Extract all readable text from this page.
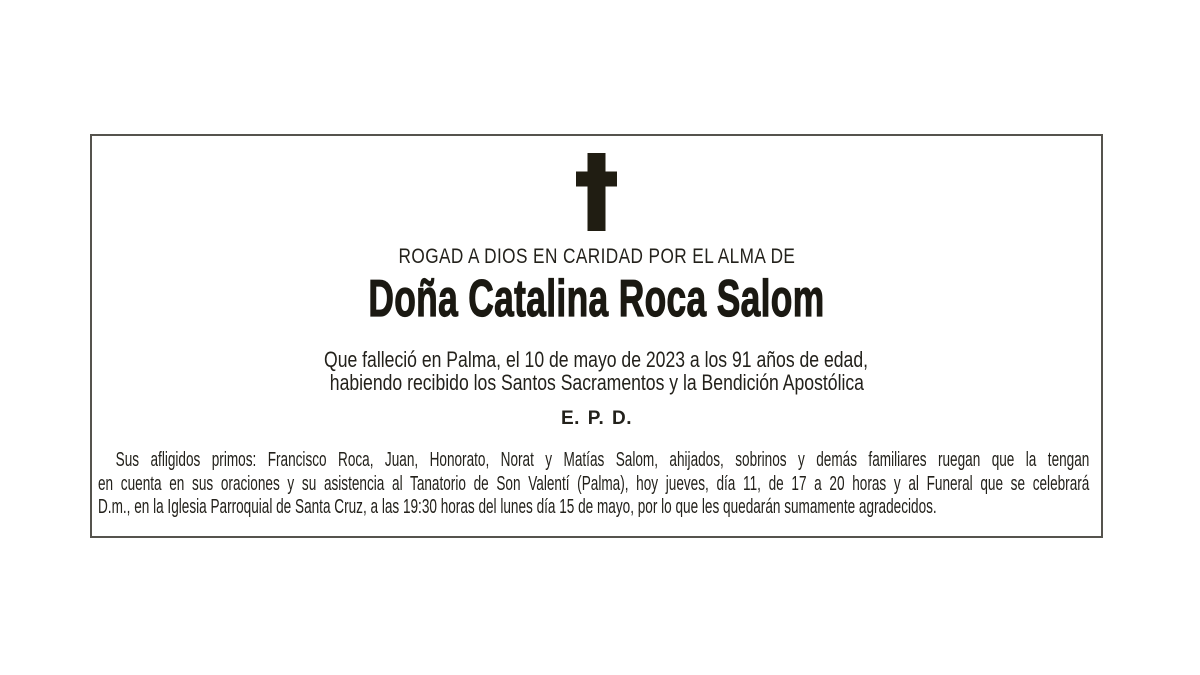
ROGAD A DIOS EN CARIDAD POR EL ALMA DE
Doña Catalina Roca Salom
Que falleció en Palma, el 10 de mayo de 2023 a los 91 años de edad,
habiendo recibido los Santos Sacramentos y la Bendición Apostólica
E. P. D.
Sus afligidos primos: Francisco Roca, Juan, Honorato, Norat y Matías Salom, ahijados, sobrinos y demás familiares ruegan que la tengan
en cuenta en sus oraciones y su asistencia al Tanatorio de Son Valentí (Palma), hoy jueves, día 11, de 17 a 20 horas y al Funeral que se celebrará
D.m., en la Iglesia Parroquial de Santa Cruz, a las 19:30 horas del lunes día 15 de mayo, por lo que les quedarán sumamente agradecidos.
